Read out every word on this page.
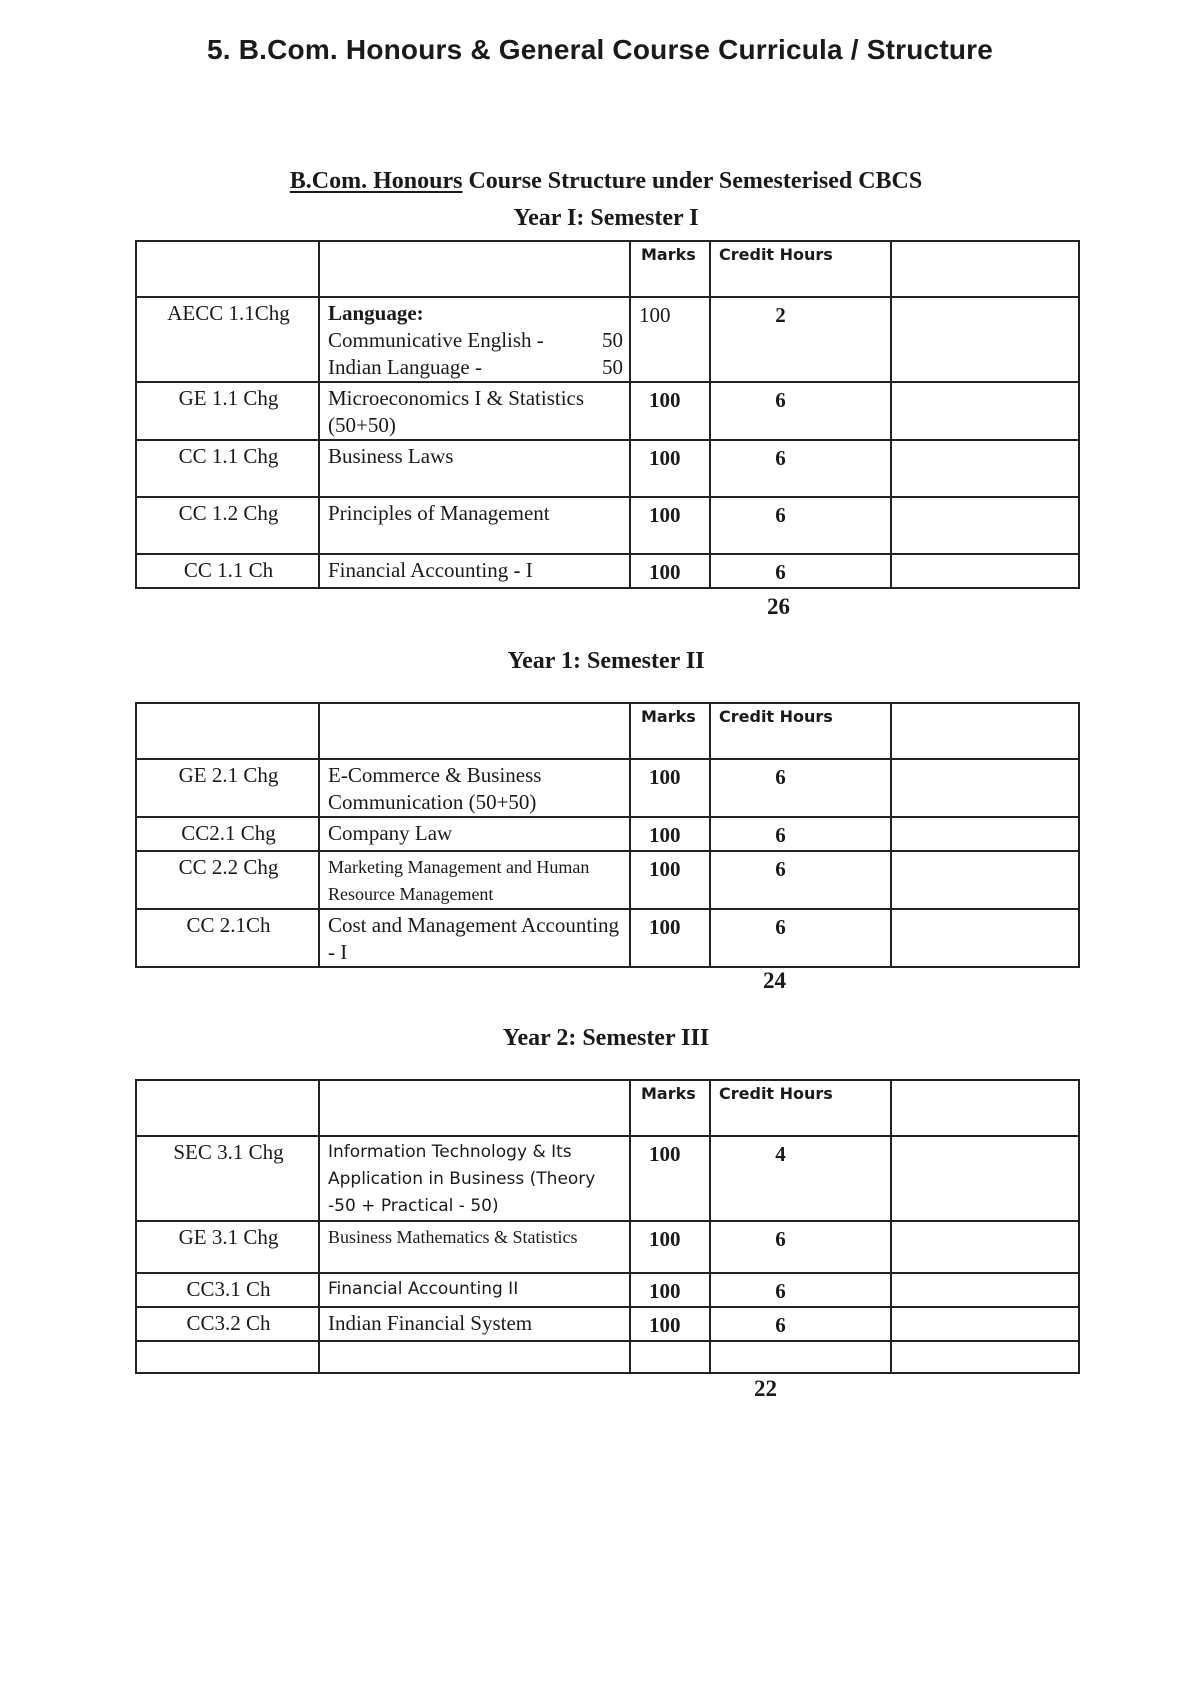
5. B.Com. Honours & General Course Curricula / Structure
B.Com. Honours Course Structure under Semesterised CBCS
Year I: Semester I
		Marks	Credit Hours	
AECC 1.1Chg	Language:
Communicative English - 50
Indian Language - 50	100	2	
GE 1.1 Chg	Microeconomics I & Statistics (50+50)	100	6	
CC 1.1 Chg	Business Laws	100	6	
CC 1.2 Chg	Principles of Management	100	6	
CC 1.1 Ch	Financial Accounting - I	100	6	
26
Year 1: Semester II
		Marks	Credit Hours	
GE 2.1 Chg	E-Commerce & Business Communication (50+50)	100	6	
CC2.1 Chg	Company Law	100	6	
CC 2.2 Chg	Marketing Management and Human Resource Management	100	6	
CC 2.1Ch	Cost and Management Accounting - I	100	6	
24
Year 2: Semester III
		Marks	Credit Hours	
SEC 3.1 Chg	Information Technology & Its Application in Business (Theory -50 + Practical - 50)	100	4	
GE 3.1 Chg	Business Mathematics & Statistics	100	6	
CC3.1 Ch	Financial Accounting II	100	6	
CC3.2 Ch	Indian Financial System	100	6	

22
